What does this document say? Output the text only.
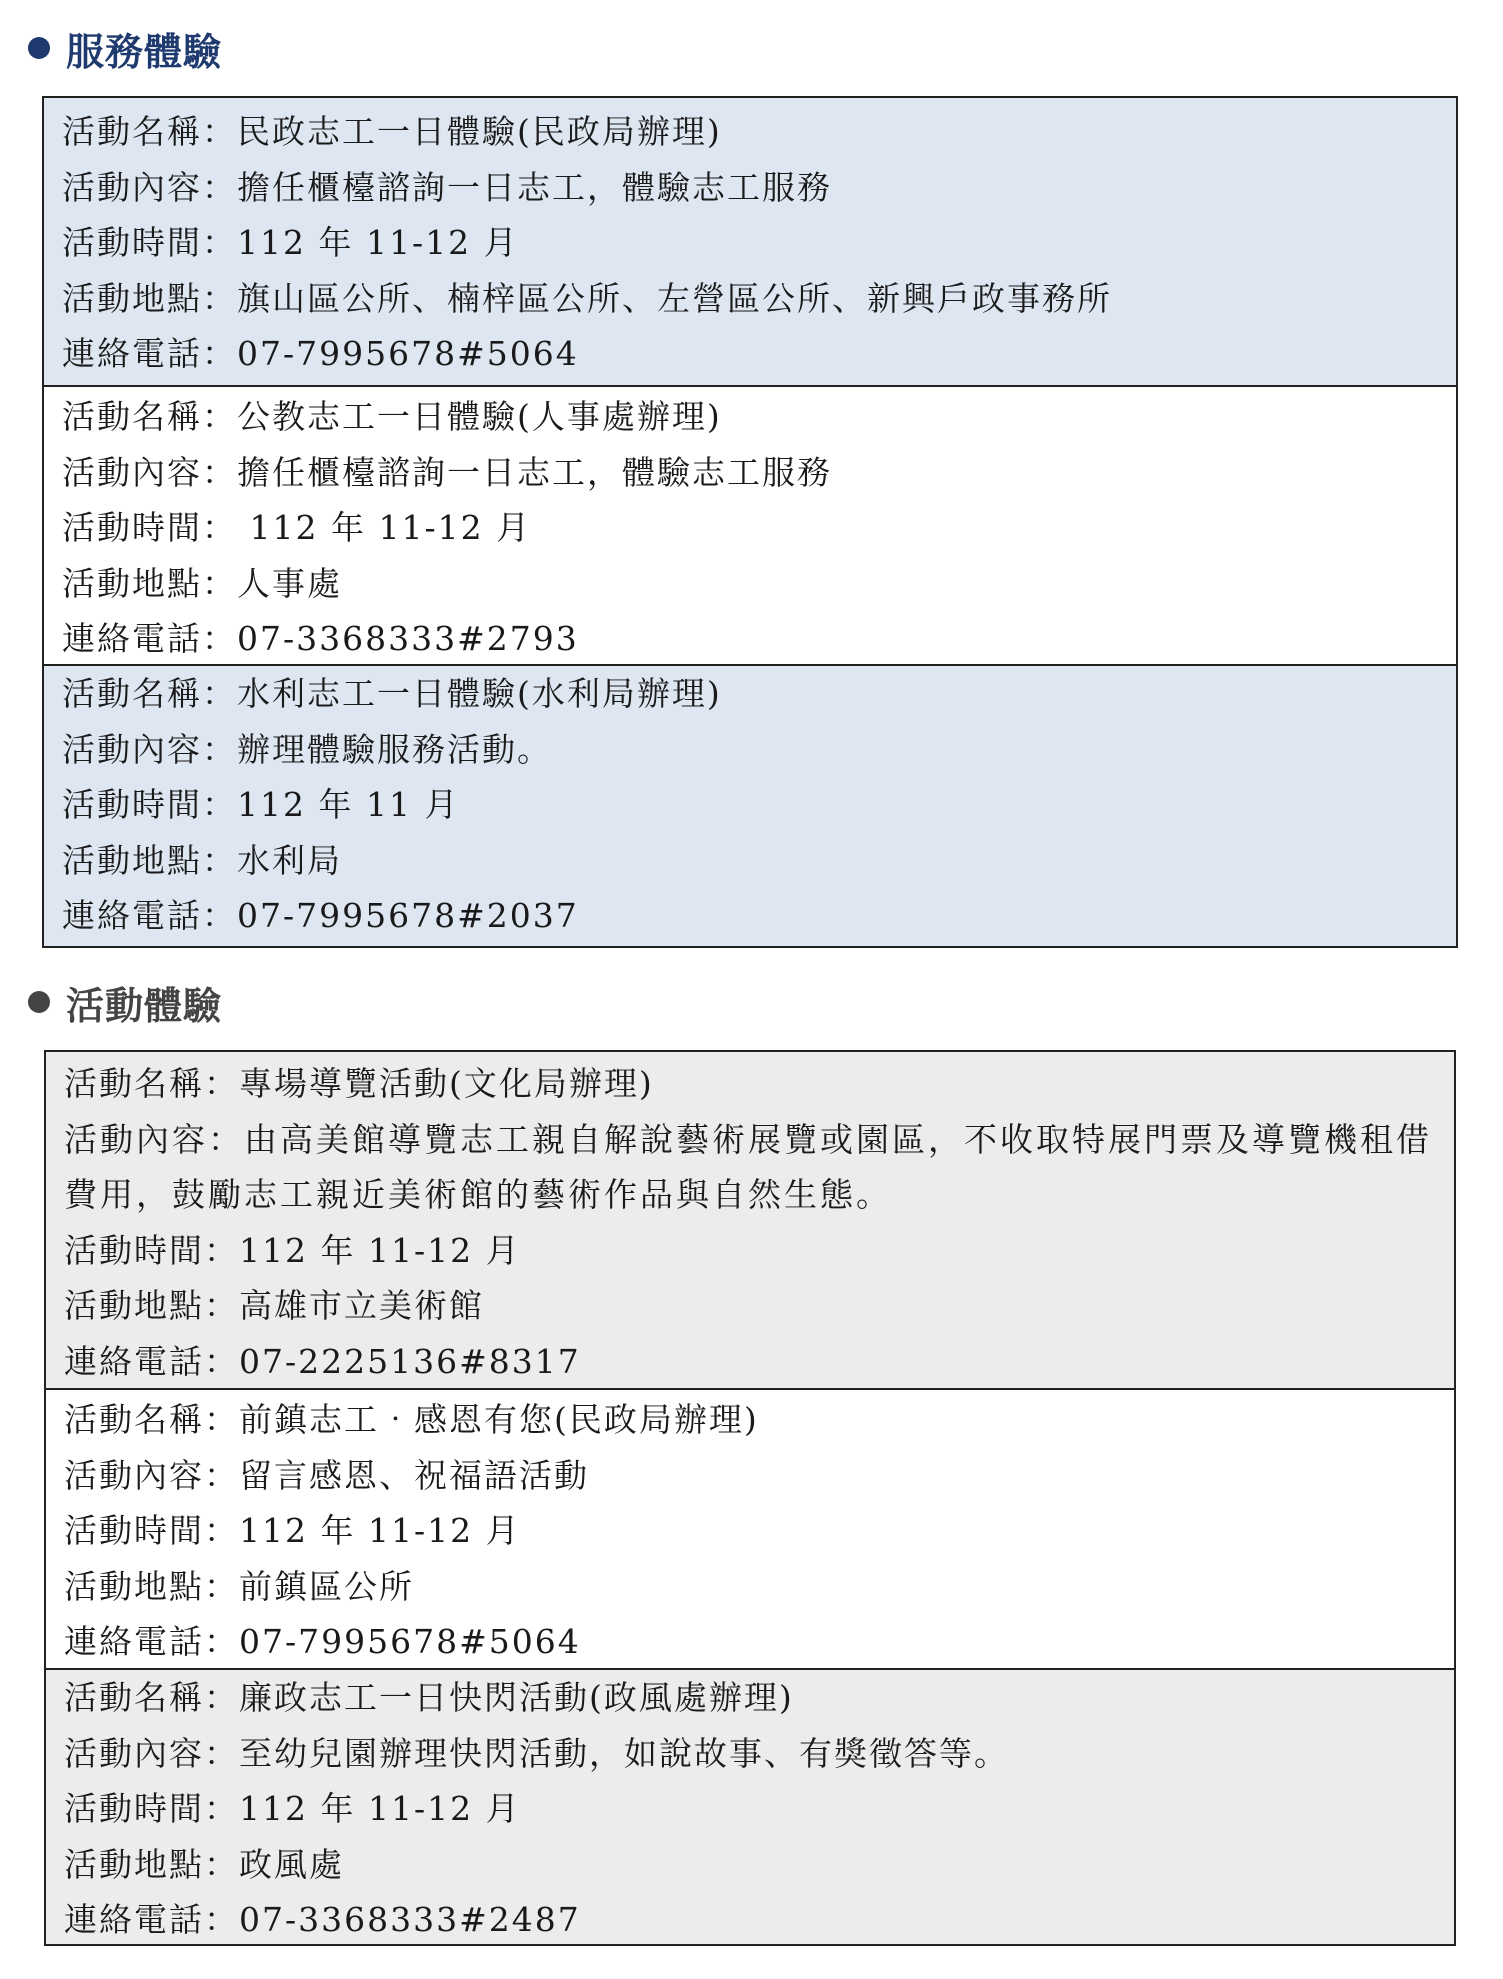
服務體驗
活動名稱：民政志工一日體驗(民政局辦理)
活動內容：擔任櫃檯諮詢一日志工，體驗志工服務
活動時間：112 年 11-12 月
活動地點：旗山區公所、楠梓區公所、左營區公所、新興戶政事務所
連絡電話：07-7995678#5064
活動名稱：公教志工一日體驗(人事處辦理)
活動內容：擔任櫃檯諮詢一日志工，體驗志工服務
活動時間： 112 年 11-12 月
活動地點：人事處
連絡電話：07-3368333#2793
活動名稱：水利志工一日體驗(水利局辦理)
活動內容：辦理體驗服務活動。
活動時間：112 年 11 月
活動地點：水利局
連絡電話：07-7995678#2037
活動體驗
活動名稱：專場導覽活動(文化局辦理)
活動內容：由高美館導覽志工親自解說藝術展覽或園區，不收取特展門票及導覽機租借費用，鼓勵志工親近美術館的藝術作品與自然生態。
活動時間：112 年 11-12 月
活動地點：高雄市立美術館
連絡電話：07-2225136#8317
活動名稱：前鎮志工‧感恩有您(民政局辦理)
活動內容：留言感恩、祝福語活動
活動時間：112 年 11-12 月
活動地點：前鎮區公所
連絡電話：07-7995678#5064
活動名稱：廉政志工一日快閃活動(政風處辦理)
活動內容：至幼兒園辦理快閃活動，如說故事、有獎徵答等。
活動時間：112 年 11-12 月
活動地點：政風處
連絡電話：07-3368333#2487
